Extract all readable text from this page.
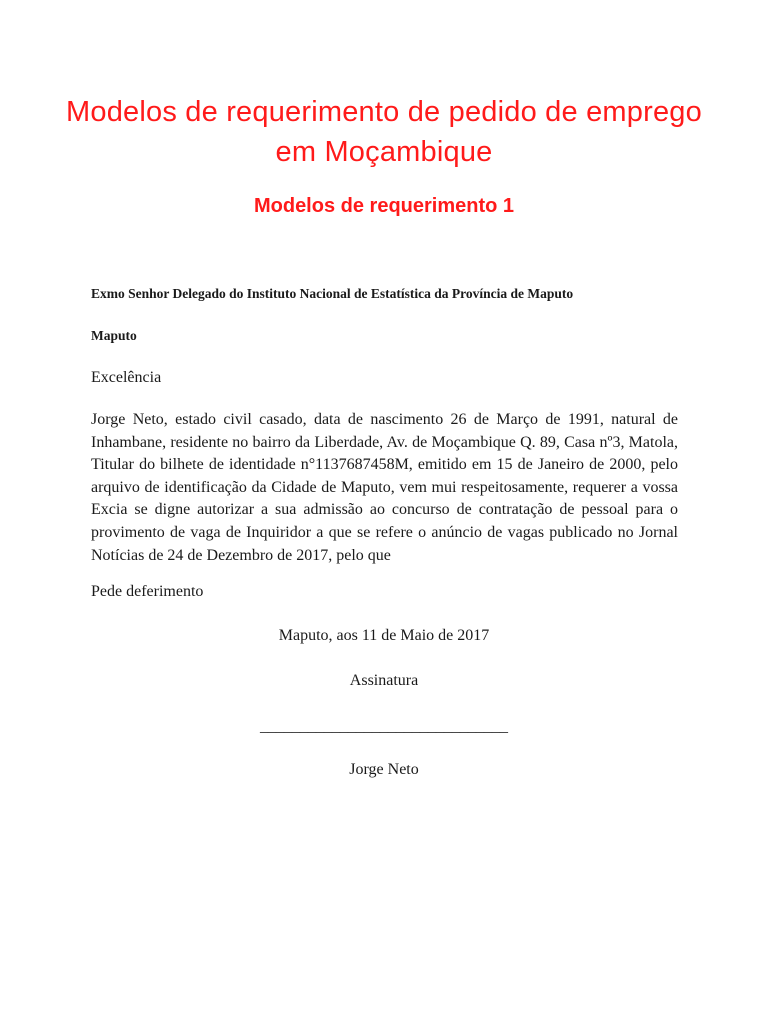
Modelos de requerimento de pedido de emprego em Moçambique
Modelos de requerimento 1
Exmo Senhor Delegado do Instituto Nacional de Estatística da Província de Maputo
Maputo
Excelência

Jorge Neto, estado civil casado, data de nascimento 26 de Março de 1991, natural de Inhambane, residente no bairro da Liberdade, Av. de Moçambique Q. 89, Casa nº3, Matola, Titular do bilhete de identidade n°1137687458M, emitido em 15 de Janeiro de 2000, pelo arquivo de identificação da Cidade de Maputo, vem mui respeitosamente, requerer a vossa Excia se digne autorizar a sua admissão ao concurso de contratação de pessoal para o provimento de vaga de Inquiridor a que se refere o anúncio de vagas publicado no Jornal Notícias de 24 de Dezembro de 2017, pelo que

Pede deferimento
Maputo, aos 11 de Maio de 2017
Assinatura
_______________________________
Jorge Neto
